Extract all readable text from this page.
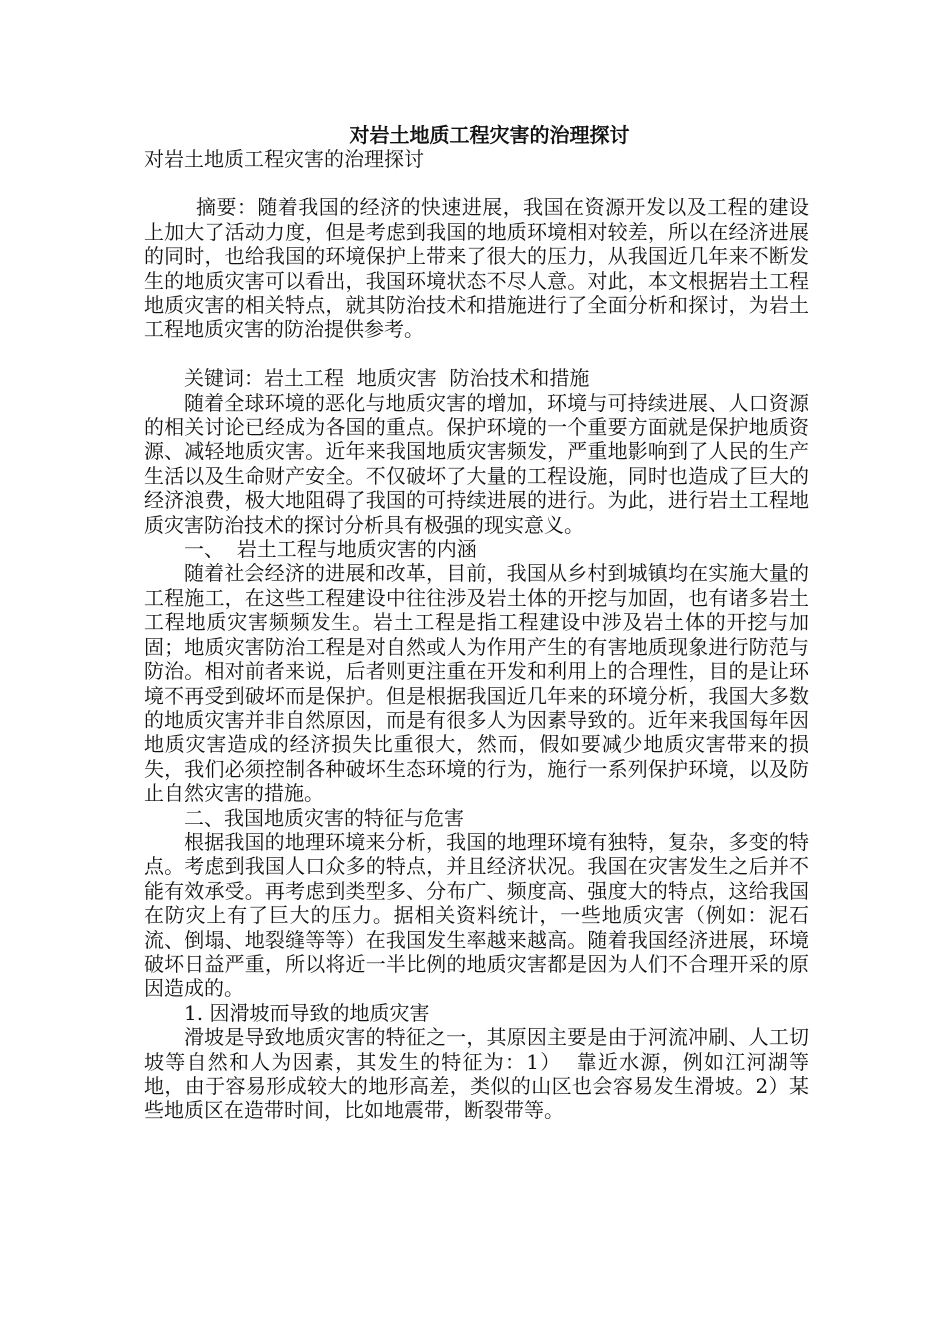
对岩土地质工程灾害的治理探讨
对岩土地质工程灾害的治理探讨

摘要：随着我国的经济的快速进展，我国在资源开发以及工程的建设上加大了活动力度，但是考虑到我国的地质环境相对较差，所以在经济进展的同时，也给我国的环境保护上带来了很大的压力，从我国近几年来不断发生的地质灾害可以看出，我国环境状态不尽人意。对此，本文根据岩土工程地质灾害的相关特点，就其防治技术和措施进行了全面分析和探讨，为岩土工程地质灾害的防治提供参考。

关键词：岩土工程  地质灾害  防治技术和措施

随着全球环境的恶化与地质灾害的增加，环境与可持续进展、人口资源的相关讨论已经成为各国的重点。保护环境的一个重要方面就是保护地质资源、减轻地质灾害。近年来我国地质灾害频发，严重地影响到了人民的生产生活以及生命财产安全。不仅破坏了大量的工程设施，同时也造成了巨大的经济浪费，极大地阻碍了我国的可持续进展的进行。为此，进行岩土工程地质灾害防治技术的探讨分析具有极强的现实意义。

一、  岩土工程与地质灾害的内涵

随着社会经济的进展和改革，目前，我国从乡村到城镇均在实施大量的工程施工，在这些工程建设中往往涉及岩土体的开挖与加固，也有诸多岩土工程地质灾害频频发生。岩土工程是指工程建设中涉及岩土体的开挖与加固；地质灾害防治工程是对自然或人为作用产生的有害地质现象进行防范与防治。相对前者来说，后者则更注重在开发和利用上的合理性，目的是让环境不再受到破坏而是保护。但是根据我国近几年来的环境分析，我国大多数的地质灾害并非自然原因，而是有很多人为因素导致的。近年来我国每年因地质灾害造成的经济损失比重很大，然而，假如要减少地质灾害带来的损失，我们必须控制各种破坏生态环境的行为，施行一系列保护环境，以及防止自然灾害的措施。

二、我国地质灾害的特征与危害

根据我国的地理环境来分析，我国的地理环境有独特，复杂，多变的特点。考虑到我国人口众多的特点，并且经济状况。我国在灾害发生之后并不能有效承受。再考虑到类型多、分布广、频度高、强度大的特点，这给我国在防灾上有了巨大的压力。据相关资料统计，一些地质灾害（例如：泥石流、倒塌、地裂缝等等）在我国发生率越来越高。随着我国经济进展，环境破坏日益严重，所以将近一半比例的地质灾害都是因为人们不合理开采的原因造成的。

1. 因滑坡而导致的地质灾害

滑坡是导致地质灾害的特征之一，其原因主要是由于河流冲刷、人工切坡等自然和人为因素，其发生的特征为：1）  靠近水源，例如江河湖等地，由于容易形成较大的地形高差，类似的山区也会容易发生滑坡。2）某些地质区在造带时间，比如地震带，断裂带等。
